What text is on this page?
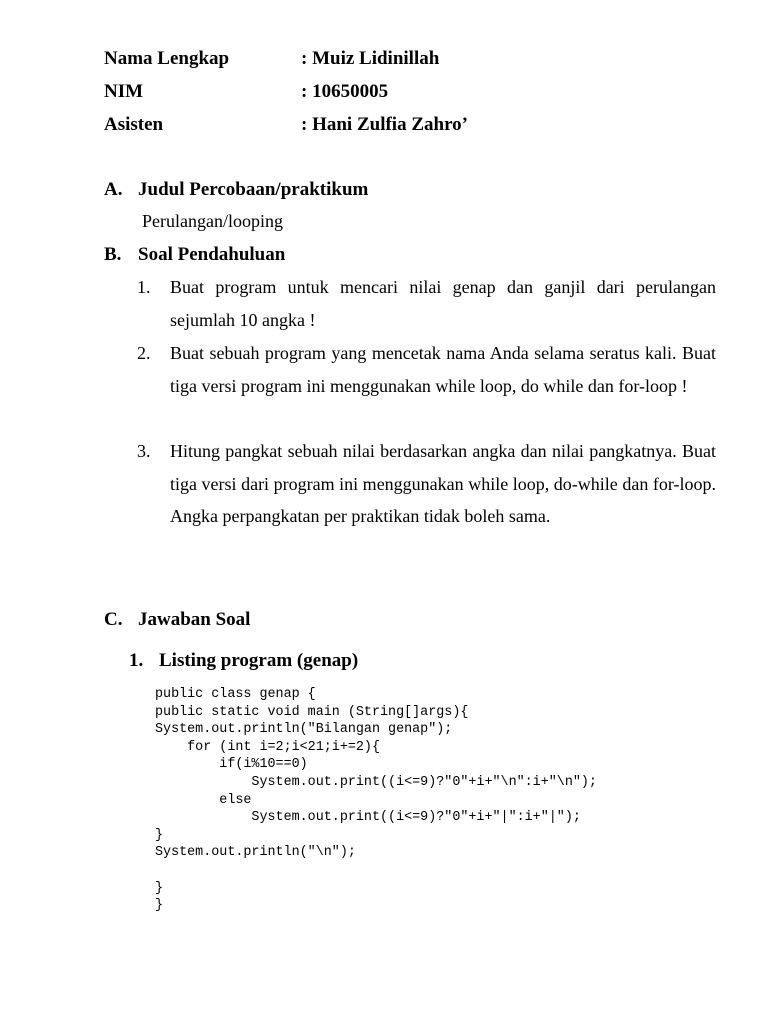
Nama Lengkap	: Muiz Lidinillah
NIM	: 10650005
Asisten	: Hani Zulfia Zahro’
A. Judul Percobaan/praktikum
Perulangan/looping
B. Soal Pendahuluan
1. Buat program untuk mencari nilai genap dan ganjil dari perulangan sejumlah 10 angka !
2. Buat sebuah program yang mencetak nama Anda selama seratus kali. Buat tiga versi program ini menggunakan while loop, do while dan for-loop !
3. Hitung pangkat sebuah nilai berdasarkan angka dan nilai pangkatnya. Buat tiga versi dari program ini menggunakan while loop, do-while dan for-loop. Angka perpangkatan per praktikan tidak boleh sama.
C. Jawaban Soal
1. Listing program (genap)
public class genap {
public static void main (String[]args){
System.out.println("Bilangan genap");
for (int i=2;i<21;i+=2){
if(i%10==0)
System.out.print((i<=9)?"0"+i+"\n":i+"\n");
else
System.out.print((i<=9)?"0"+i+"|":i+"|");
}
System.out.println("\n");

}
}
